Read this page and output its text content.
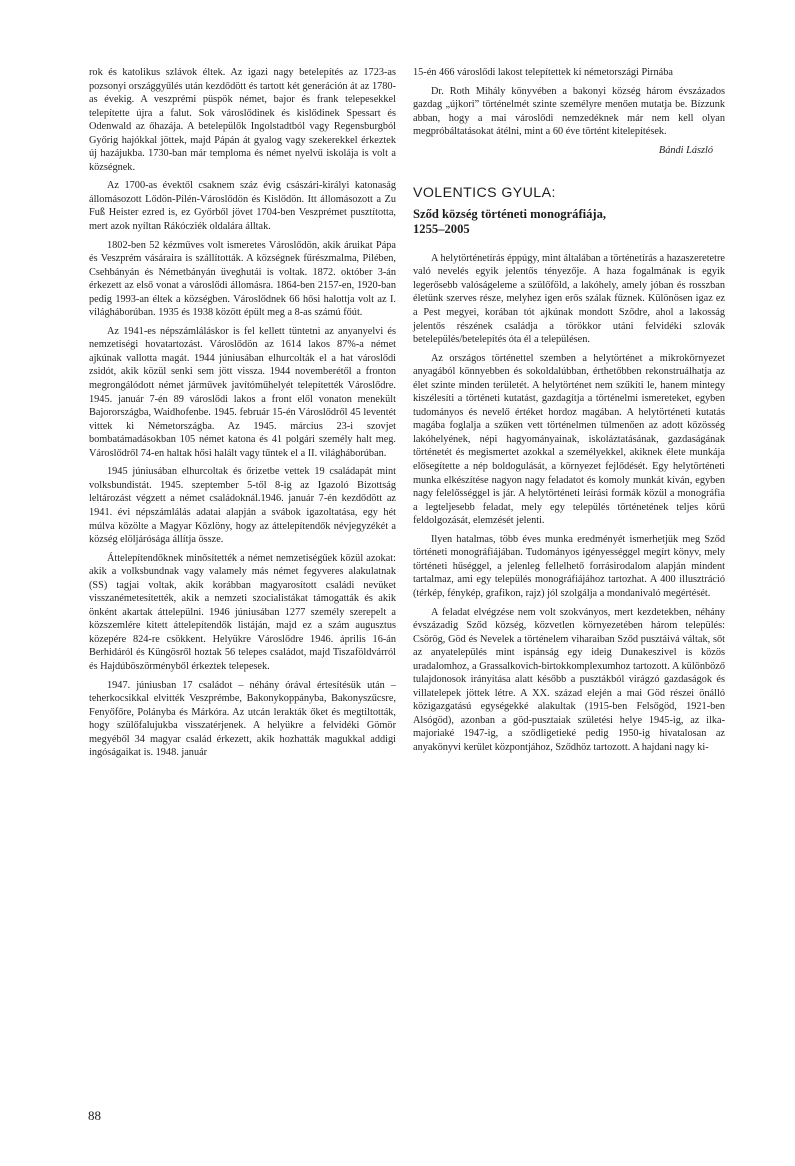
rok és katolikus szlávok éltek. Az igazi nagy betelepítés az 1723-as pozsonyi országgyűlés után kezdődött és tartott két generáción át az 1780-as évekig. A veszprémi püspök német, bajor és frank telepesekkel telepítette újra a falut. Sok városlődinek és kislődinek Spessart és Odenwald az őhazája. A betelepülők Ingolstadtból vagy Regensburgból Győrig hajókkal jöttek, majd Pápán át gyalog vagy szekerekkel érkeztek új hazájukba. 1730-ban már temploma és német nyelvű iskolája is volt a községnek.

Az 1700-as évektől csaknem száz évig császári-királyi katonaság állomásozott Lődön-Pilén-Városlődön és Kislődön. Itt állomásozott a Zu Fuß Heister ezred is, ez Győrből jövet 1704-ben Veszprémet pusztította, mert azok nyíltan Rákócziék oldalára álltak.

1802-ben 52 kézműves volt ismeretes Városlődön, akik áruikat Pápa és Veszprém vásáraira is szállították. A községnek fűrészmalma, Pilében, Csehbányán és Németbányán üveghutái is voltak. 1872. október 3-án érkezett az első vonat a városlődi állomásra. 1864-ben 2157-en, 1920-ban pedig 1993-an éltek a községben. Városlődnek 66 hősi halottja volt az I. világháborúban. 1935 és 1938 között épült meg a 8-as számú főút.

Az 1941-es népszámláláskor is fel kellett tüntetni az anyanyelvi és nemzetiségi hovatartozást. Városlődön az 1614 lakos 87%-a német ajkúnak vallotta magát. 1944 júniusában elhurcolták el a hat városlődi zsidót, akik közül senki sem jött vissza. 1944 novemberétől a fronton megrongálódott német járművek javítóműhelyét telepítették Városlődre. 1945. január 7-én 89 városlődi lakos a front elől vonaton menekült Bajorországba, Waidhofenbe. 1945. február 15-én Városlődről 45 leventét vittek ki Németországba. Az 1945. március 23-i szovjet bombatámadásokban 105 német katona és 41 polgári személy halt meg. Városlődről 74-en haltak hősi halált vagy tűntek el a II. világháborúban.

1945 júniusában elhurcoltak és őrizetbe vettek 19 családapát mint volksbundistát. 1945. szeptember 5-től 8-ig az Igazoló Bizottság leltározást végzett a német családoknál.1946. január 7-én kezdődött az 1941. évi népszámlálás adatai alapján a svábok igazoltatása, egy hét múlva közölte a Magyar Közlöny, hogy az áttelepítendők névjegyzékét a község elöljárósága állítja össze.

Áttelepítendőknek minősítették a német nemzetiségűek közül azokat: akik a volksbundnak vagy valamely más német fegyveres alakulatnak (SS) tagjai voltak, akik korábban magyarosított családi nevüket visszanémetesítették, akik a nemzeti szocialistákat támogatták és akik önként akartak áttelepülni. 1946 júniusában 1277 személy szerepelt a közszemlére kitett áttelepítendők listáján, majd ez a szám augusztus közepére 824-re csökkent. Helyükre Városlődre 1946. április 16-án Berhidáról és Küngösről hoztak 56 telepes családot, majd Tiszaföldvárról és Hajdúböszörményből érkeztek telepesek.

1947. júniusban 17 családot – néhány órával értesítésük után – teherkocsikkal elvitték Veszprémbe, Bakonykoppányba, Bakonyszűcsre, Fenyőfőre, Polányba és Márkóra. Az utcán lerakták őket és megtiltották, hogy szülőfalujukba visszatérjenek. A helyükre a felvidéki Gömör megyéből 34 magyar család érkezett, akik hozhatták magukkal addigi ingóságaikat is. 1948. január

15-én 466 városlődi lakost telepítettek ki németországi Pirnába

Dr. Roth Mihály könyvében a bakonyi község három évszázados gazdag „újkori” történelmét szinte személyre menően mutatja be. Bízzunk abban, hogy a mai városlődi nemzedéknek már nem kell olyan megpróbáltatásokat átélni, mint a 60 éve történt kitelepítések.

Bándi László
VOLENTICS GYULA:
Sződ község történeti monográfiája,
1255–2005

A helytörténetírás éppúgy, mint általában a történetírás a hazaszeretetre való nevelés egyik jelentős tényezője. A haza fogalmának is egyik legerősebb valóságeleme a szülőföld, a lakóhely, amely jóban és rosszban életünk szerves része, melyhez igen erős szálak fűznek. Különösen igaz ez a Pest megyei, korában tót ajkúnak mondott Sződre, ahol a lakosság jelentős részének családja a törökkor utáni felvidéki szlovák betelepülés/betelepítés óta él a településen.

Az országos történettel szemben a helytörténet a mikrokörnyezet anyagából könnyebben és sokoldalúbban, érthetőbben rekonstruálhatja az élet szinte minden területét. A helytörténet nem szűkíti le, hanem mintegy kiszélesíti a történeti kutatást, gazdagítja a történelmi ismereteket, egyben tudományos és nevelő értéket hordoz magában. A helytörténeti kutatás magába foglalja a szűken vett történelmen túlmenően az adott közösség lakóhelyének, népi hagyományainak, iskoláztatásának, gazdaságának történetét és megismertet azokkal a személyekkel, akiknek élete munkája elősegítette a nép boldogulását, a környezet fejlődését. Egy helytörténeti munka elkészítése nagyon nagy feladatot és komoly munkát kíván, egyben nagy felelősséggel is jár. A helytörténeti leírási formák közül a monográfia a legteljesebb feladat, mely egy település történetének teljes körű feldolgozását, elemzését jelenti.

Ilyen hatalmas, több éves munka eredményét ismerhetjük meg Sződ történeti monográfiájában. Tudományos igényességgel megírt könyv, mely történeti hűséggel, a jelenleg fellelhető forrásirodalom alapján mindent tartalmaz, ami egy település monográfiájához tartozhat. A 400 illusztráció (térkép, fénykép, grafikon, rajz) jól szolgálja a mondanivaló megértését.

A feladat elvégzése nem volt szokványos, mert kezdetekben, néhány évszázadig Sződ község, közvetlen környezetében három település: Csörög, Göd és Nevelek a történelem viharaiban Sződ pusztáivá váltak, sőt az anyatelepülés mint ispánság egy ideig Dunakeszivel is közös uradalomhoz, a Grassalkovich-birtokkomplexumhoz tartozott. A különböző tulajdonosok irányítása alatt később a pusztákból virágzó gazdaságok és villatelepek jöttek létre. A XX. század elején a mai Göd részei önálló közigazgatású egységekké alakultak (1915-ben Felsőgöd, 1921-ben Alsógöd), azonban a göd-pusztaiak születési helye 1945-ig, az ilka-majoriaké 1947-ig, a sződligetieké pedig 1950-ig hivatalosan az anyakönyvi kerület központjához, Sződhöz tartozott. A hajdani nagy ki-

88
